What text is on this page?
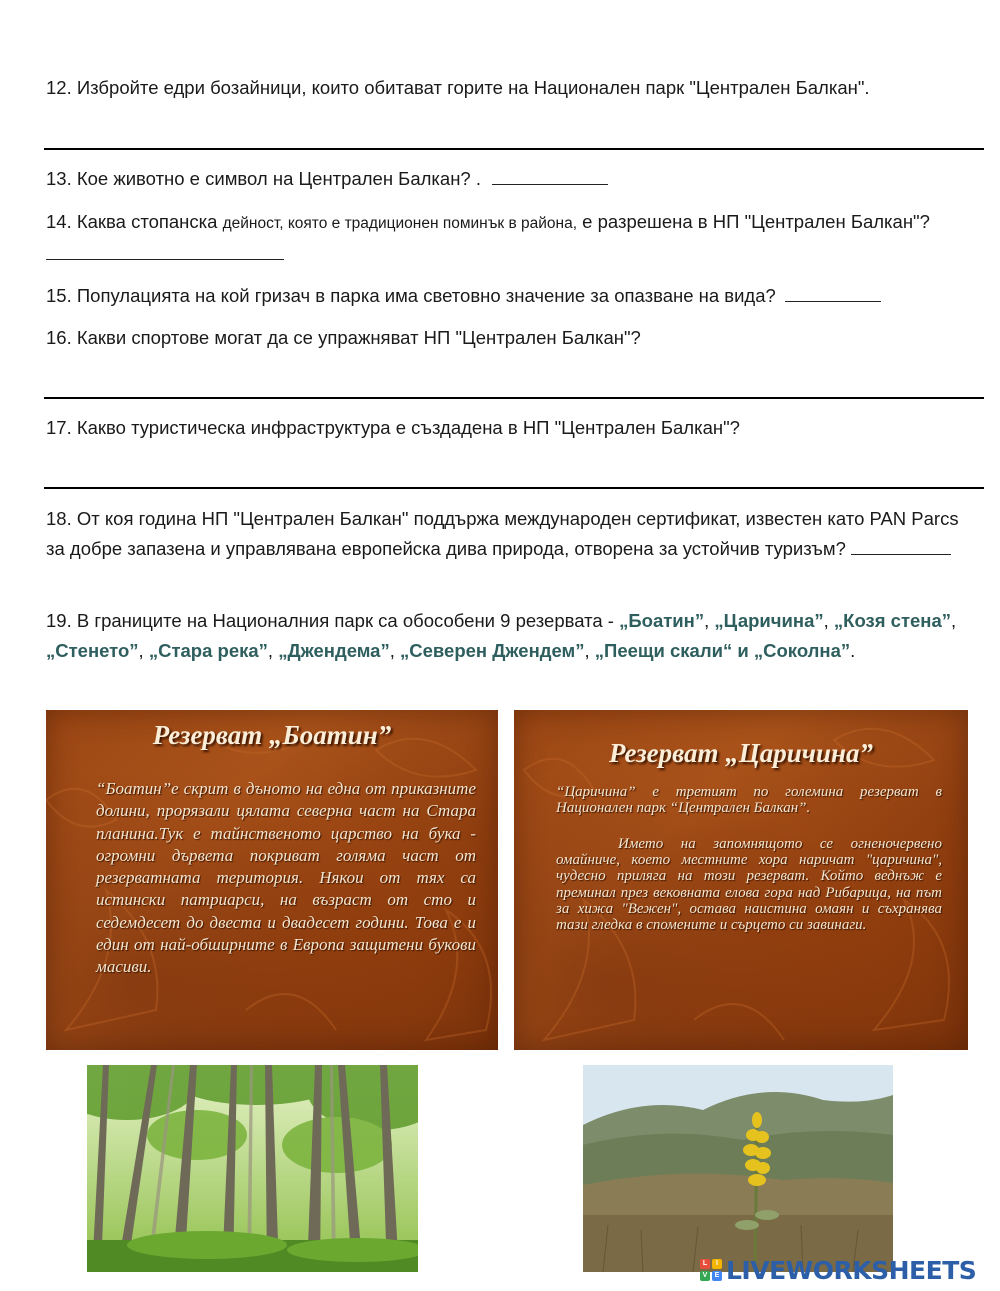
12. Избройте едри бозайници, които обитават горите на Национален парк "Централен Балкан".

13. Кое животно е символ на Централен Балкан? .

14. Каква стопанска дейност, която е традиционен поминък в района, е разрешена в НП "Централен Балкан"?

15. Популацията на кой гризач в парка има световно значение за опазване на вида?

16. Какви спортове могат да се упражняват НП "Централен Балкан"?

17. Какво туристическа инфраструктура е създадена в НП "Централен Балкан"?

18. От коя година НП "Централен Балкан" поддържа международен сертификат, известен като PAN Parcs за добре запазена и управлявана европейска дива природа, отворена за устойчив туризъм?

19. В границите на Националния парк са обособени 9 резервата - „Боатин”, „Царичина”, „Козя стена”, „Стенето”, „Стара река”, „Джендема”, „Северен Джендем”, „Пеещи скали“ и „Соколна”.

Резерват „Боатин”

“Боатин”е скрит в дъното на една от приказните долини, прорязали цялата северна част на Стара планина.Тук е тайнственото царство на бука - огромни дървета покриват голяма част от резерватната територия. Някои от тях са истински патриарси, на възраст от сто и седемдесет до двеста и двадесет години. Това е и един от най-обширните в Европа защитени букови масиви.

Резерват „Царичина”

“Царичина” е третият по големина резерват в Национален парк “Централен Балкан”.

Името на запомнящото се огненочервено омайниче, което местните хора наричат "царичина", чудесно приляга на този резерват. Който веднъж е преминал през вековната елова гора над Рибарица, на път за хижа "Вежен", остава наистина омаян и съхранява тази гледка в спомените и сърцето си завинаги.

L	I
V	E LIVEWORKSHEETS
